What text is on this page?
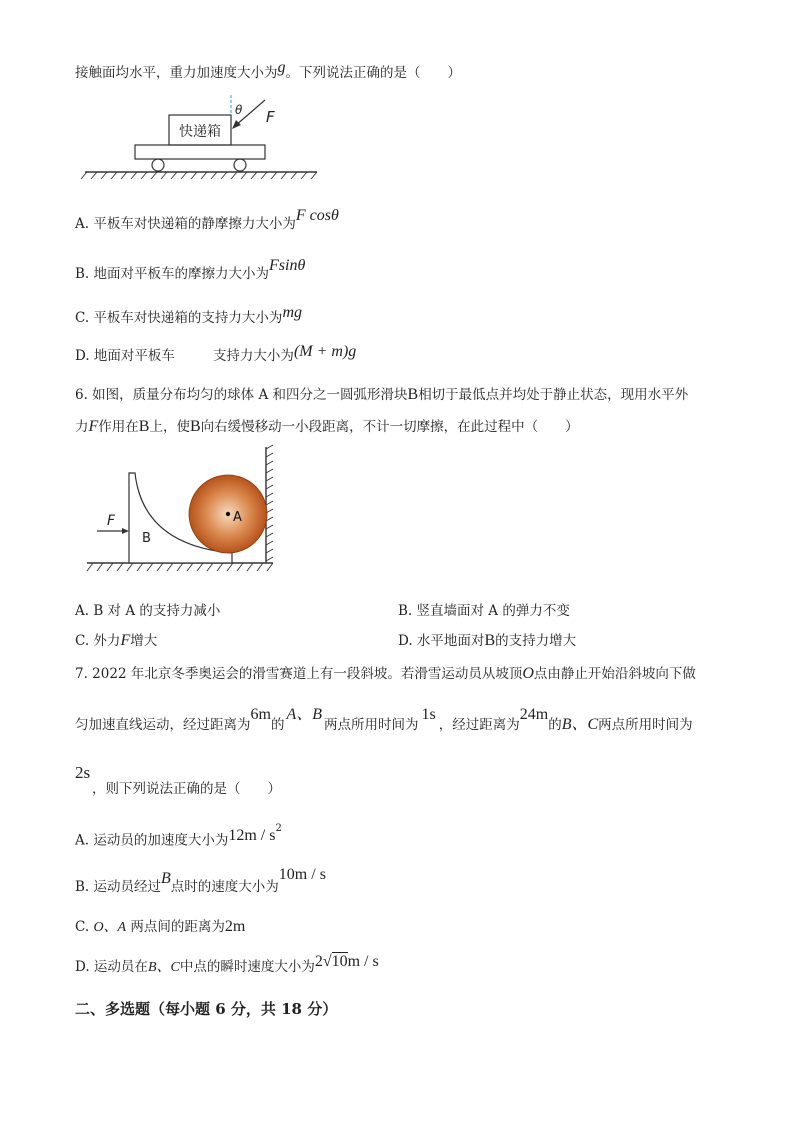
接触面均水平，重力加速度大小为g。下列说法正确的是（　　）
快递箱
θ F
A. 平板车对快递箱的静摩擦力大小为F cosθ
B. 地面对平板车的摩擦力大小为Fsinθ
C. 平板车对快递箱的支持力大小为mg
D. 地面对平板车	支持力大小为(M + m)g
6. 如图，质量分布均匀的球体 A 和四分之一圆弧形滑块B相切于最低点并均处于静止状态，现用水平外
力F作用在B上，使B向右缓慢移动一小段距离，不计一切摩擦，在此过程中（　　）
A
B
F
A. B 对 A 的支持力减小	B. 竖直墙面对 A 的弹力不变
C. 外力F增大	D. 水平地面对B的支持力增大
7. 2022 年北京冬季奥运会的滑雪赛道上有一段斜坡。若滑雪运动员从坡顶O点由静止开始沿斜坡向下做
匀加速直线运动，经过距离为6m的A、B两点所用时间为1s，经过距离为24m的B、C两点所用时间为
2s
，则下列说法正确的是（　　）
A. 运动员的加速度大小为$12m / s^2$
B. 运动员经过B点时的速度大小为10m / s
C. O、A 两点间的距离为2m
D. 运动员在B、C中点的瞬时速度大小为2√10m / s
二、多选题（每小题 6 分，共 18 分）
